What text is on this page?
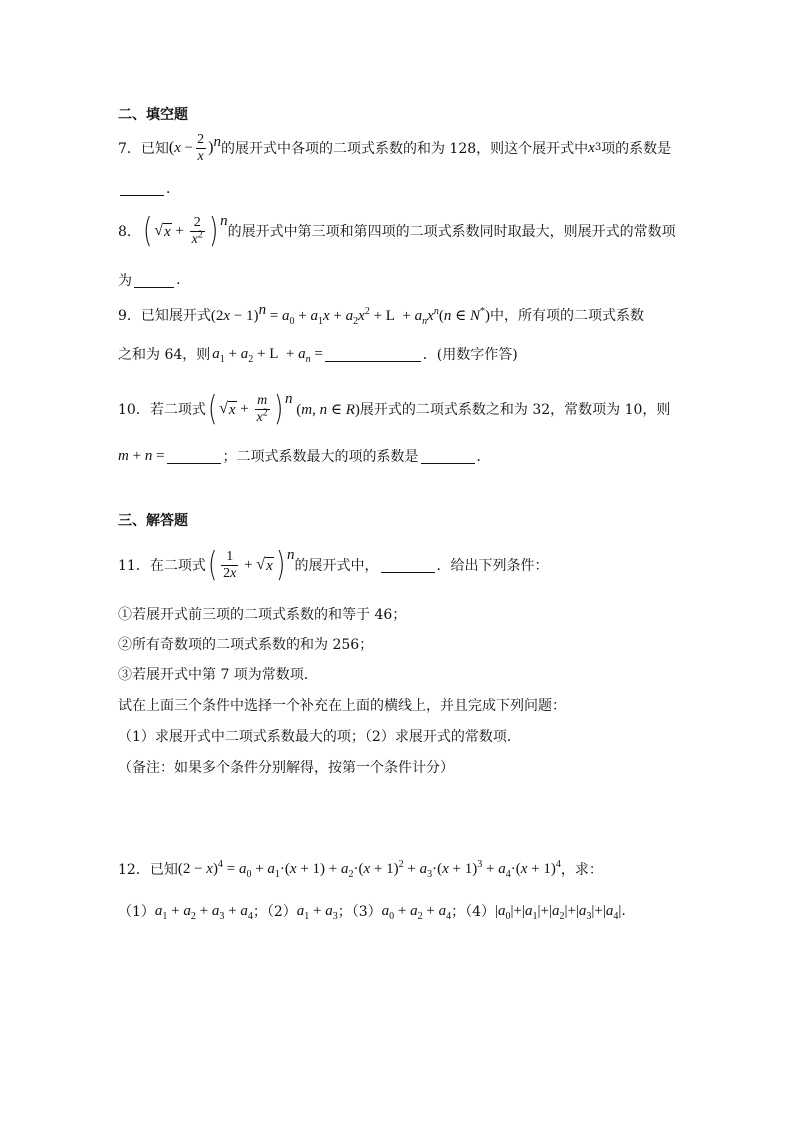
二、填空题
7．已知 ( $x - \frac{2}{x} )^n$ 的展开式中各项的二项式系数的和为 128，则这个展开式中 x 3 项的系数是
．
8． ( √ $x + \frac{2}{x^2} )^n$
的展开式中第三项和第四项的二项式系数同时取最大，则展开式的常数项
为	.
9．已知展开式 $(2x - 1)^n = a_0 + a_1x + a_2x^2 + L + a_nx^n(n$ ∈ N*) 中，所有项的二项式系数
之和为 64，则 $a_1 + a_2 + L + a_n$ =	．(用数字作答)
10．若二项式 ( √ $x + \frac{m}{x^2} )^n$
(m, n ∈ R) 展开式的二项式系数之和为 32，常数项为 10，则
m + n =	；二项式系数最大的项的系数是	．
三、解答题
11．在二项式 ( $\frac{1}{2x}$ + √ x )$^n$
的展开式中，	．给出下列条件：
①若展开式前三项的二项式系数的和等于 46；
②所有奇数项的二项式系数的和为 256；
③若展开式中第 7 项为常数项．
试在上面三个条件中选择一个补充在上面的横线上，并且完成下列问题：
（1）求展开式中二项式系数最大的项；（2）求展开式的常数项．
（备注：如果多个条件分别解得，按第一个条件计分）
12．已知 $(2 - x)^4 = a_0 + a_1\cdot(x + 1) + a_2\cdot(x + 1)^2 + a_3\cdot(x + 1)^3 + a_4\cdot(x + 1)^4$ ，求：
（1） $a_1 + a_2 + a_3 + a_4$ ；（2） $a_1 + a_3$ ；（3） $a_0 + a_2 + a_4$ ；（4） $|a_0|+|a_1|+|a_2|+|a_3|+|a_4|$ .
